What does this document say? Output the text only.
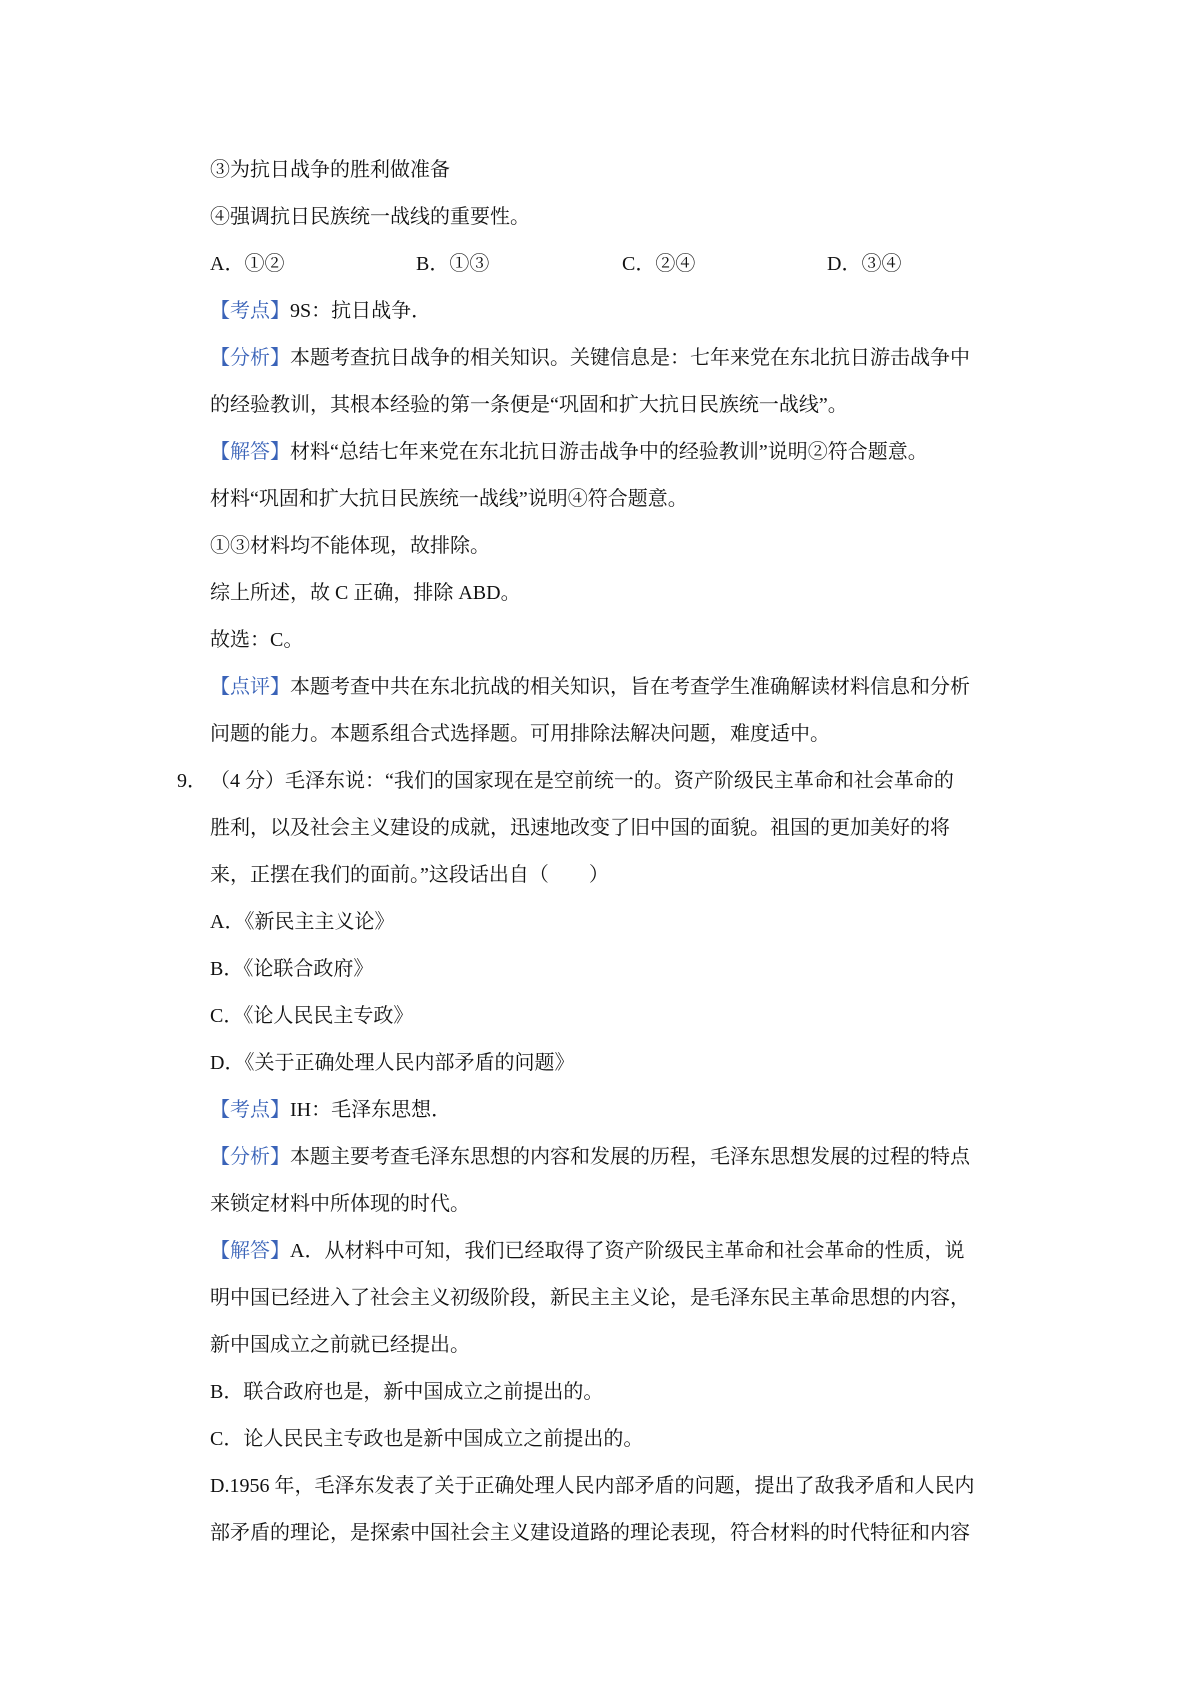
③为抗日战争的胜利做准备
④强调抗日民族统一战线的重要性。
A．①②	B．①③	C．②④	D．③④
【考点】9S：抗日战争．
【分析】本题考查抗日战争的相关知识。关键信息是：七年来党在东北抗日游击战争中
的经验教训，其根本经验的第一条便是“巩固和扩大抗日民族统一战线”。
【解答】材料“总结七年来党在东北抗日游击战争中的经验教训”说明②符合题意。
材料“巩固和扩大抗日民族统一战线”说明④符合题意。
①③材料均不能体现，故排除。
综上所述，故 C 正确，排除 ABD。
故选：C。
【点评】本题考查中共在东北抗战的相关知识，旨在考查学生准确解读材料信息和分析
问题的能力。本题系组合式选择题。可用排除法解决问题，难度适中。
9． （4 分）毛泽东说：“我们的国家现在是空前统一的。资产阶级民主革命和社会革命的
胜利，以及社会主义建设的成就，迅速地改变了旧中国的面貌。祖国的更加美好的将
来，正摆在我们的面前。”这段话出自（　　）
A．《新民主主义论》
B．《论联合政府》
C．《论人民民主专政》
D．《关于正确处理人民内部矛盾的问题》
【考点】IH：毛泽东思想．
【分析】本题主要考查毛泽东思想的内容和发展的历程，毛泽东思想发展的过程的特点
来锁定材料中所体现的时代。
【解答】A．从材料中可知，我们已经取得了资产阶级民主革命和社会革命的性质，说
明中国已经进入了社会主义初级阶段，新民主主义论，是毛泽东民主革命思想的内容，
新中国成立之前就已经提出。
B．联合政府也是，新中国成立之前提出的。
C．论人民民主专政也是新中国成立之前提出的。
D.1956 年，毛泽东发表了关于正确处理人民内部矛盾的问题，提出了敌我矛盾和人民内
部矛盾的理论，是探索中国社会主义建设道路的理论表现，符合材料的时代特征和内容
